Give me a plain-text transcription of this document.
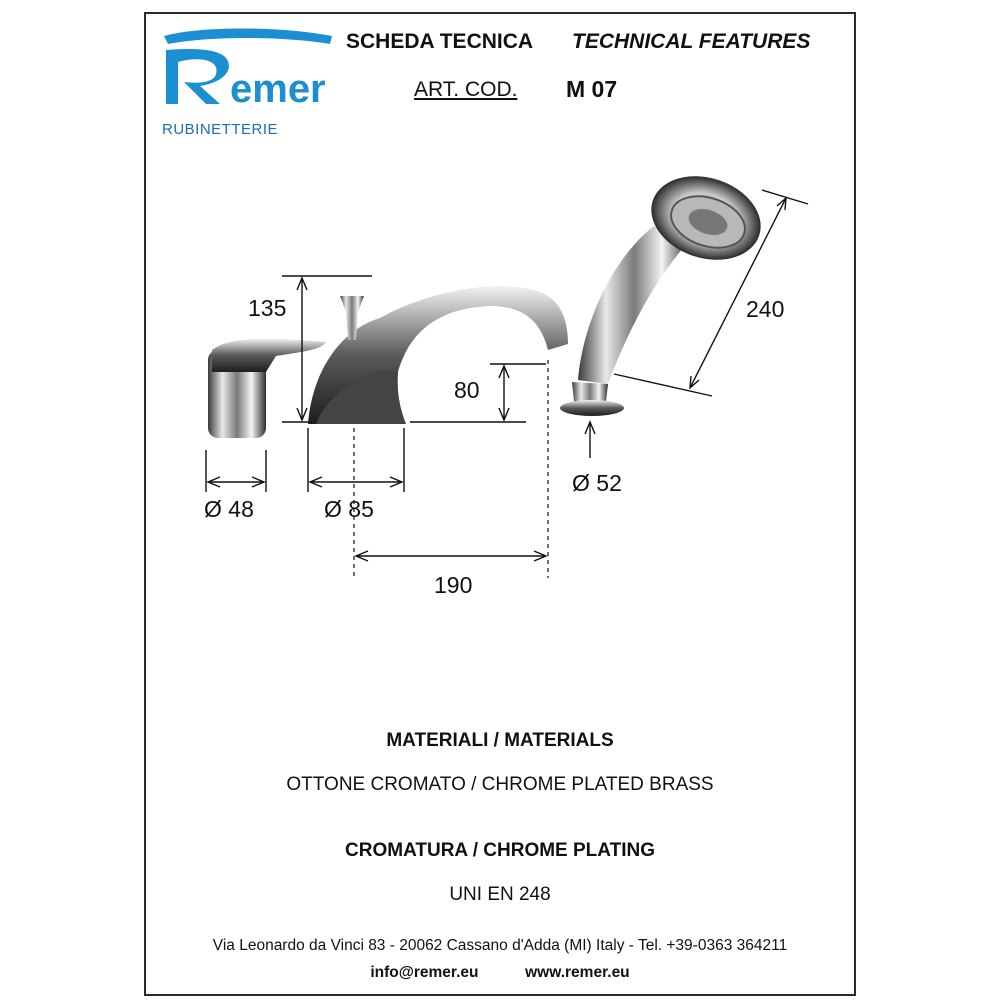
emer
RUBINETTERIE
SCHEDA TECNICA TECHNICAL FEATURES
ART. COD. M 07
135
80
240
Ø 48	Ø 85
Ø 52
190
MATERIALI / MATERIALS
OTTONE CROMATO / CHROME PLATED BRASS
CROMATURA / CHROME PLATING
UNI EN 248
Via Leonardo da Vinci 83 - 20062 Cassano d'Adda (MI) Italy - Tel. +39-0363 364211
info@remer.eu	www.remer.eu
